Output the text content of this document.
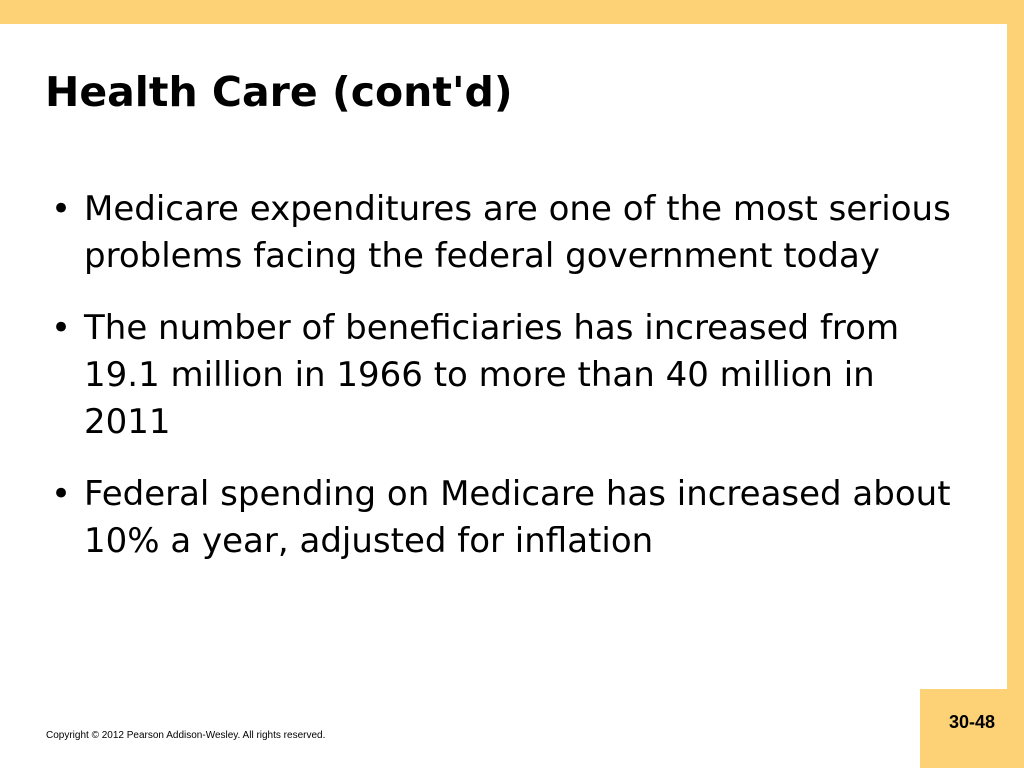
Health Care (cont'd)
• Medicare expenditures are one of the most serious problems facing the federal government today
• The number of beneficiaries has increased from 19.1 million in 1966 to more than 40 million in 2011
• Federal spending on Medicare has increased about 10% a year, adjusted for inflation
Copyright © 2012 Pearson Addison-Wesley. All rights reserved.
30-48
